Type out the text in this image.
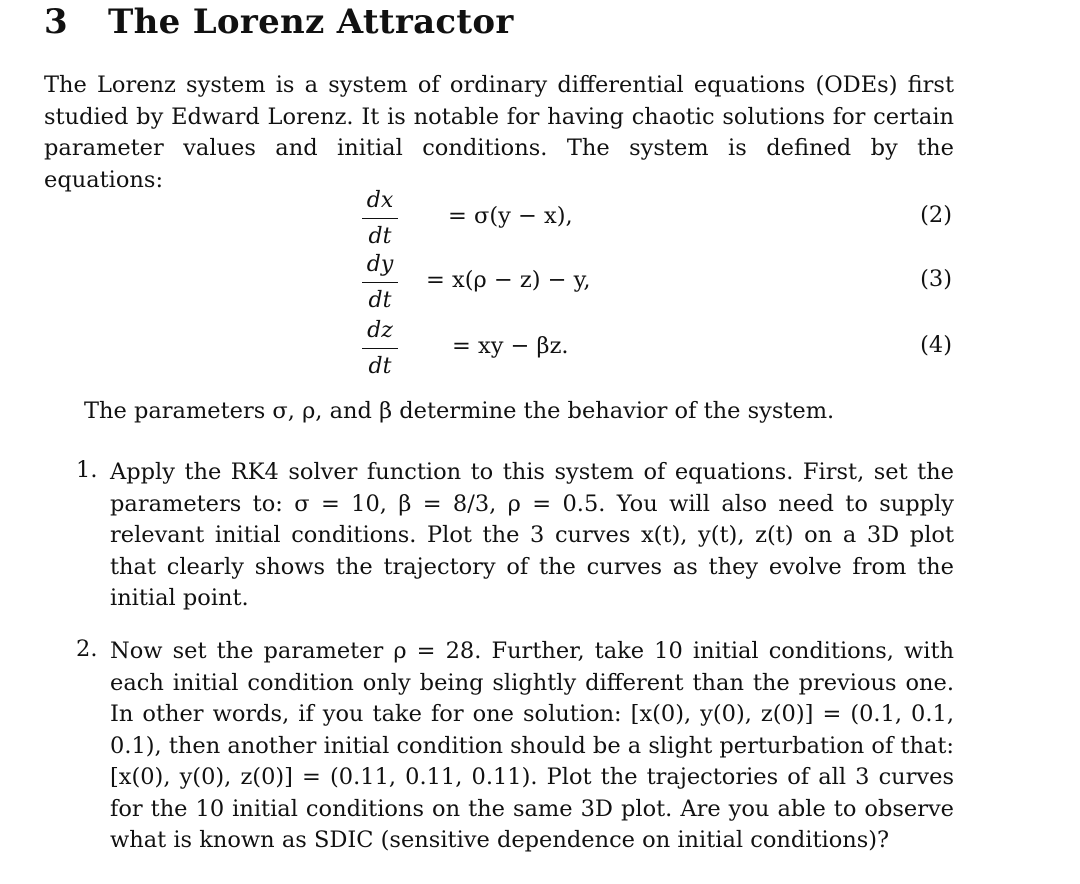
3 The Lorenz Attractor

The Lorenz system is a system of ordinary differential equations (ODEs) first studied by Edward Lorenz. It is notable for having chaotic solutions for certain parameter values and initial conditions. The system is defined by the equations:

dx
dt
= σ(y − x),	(2)
dy
dt
= x(ρ − z) − y,	(3)
dz
dt
= xy − βz.	(4)

The parameters σ, ρ, and β determine the behavior of the system.

1. Apply the RK4 solver function to this system of equations. First, set the parameters to: σ = 10, β = 8/3, ρ = 0.5. You will also need to supply relevant initial conditions. Plot the 3 curves x(t), y(t), z(t) on a 3D plot that clearly shows the trajectory of the curves as they evolve from the initial point.

2. Now set the parameter ρ = 28. Further, take 10 initial conditions, with each initial condition only being slightly different than the previous one. In other words, if you take for one solution: [x(0), y(0), z(0)] = (0.1, 0.1, 0.1), then another initial condition should be a slight perturbation of that: [x(0), y(0), z(0)] = (0.11, 0.11, 0.11). Plot the trajectories of all 3 curves for the 10 initial conditions on the same 3D plot. Are you able to observe what is known as SDIC (sensitive dependence on initial conditions)?
